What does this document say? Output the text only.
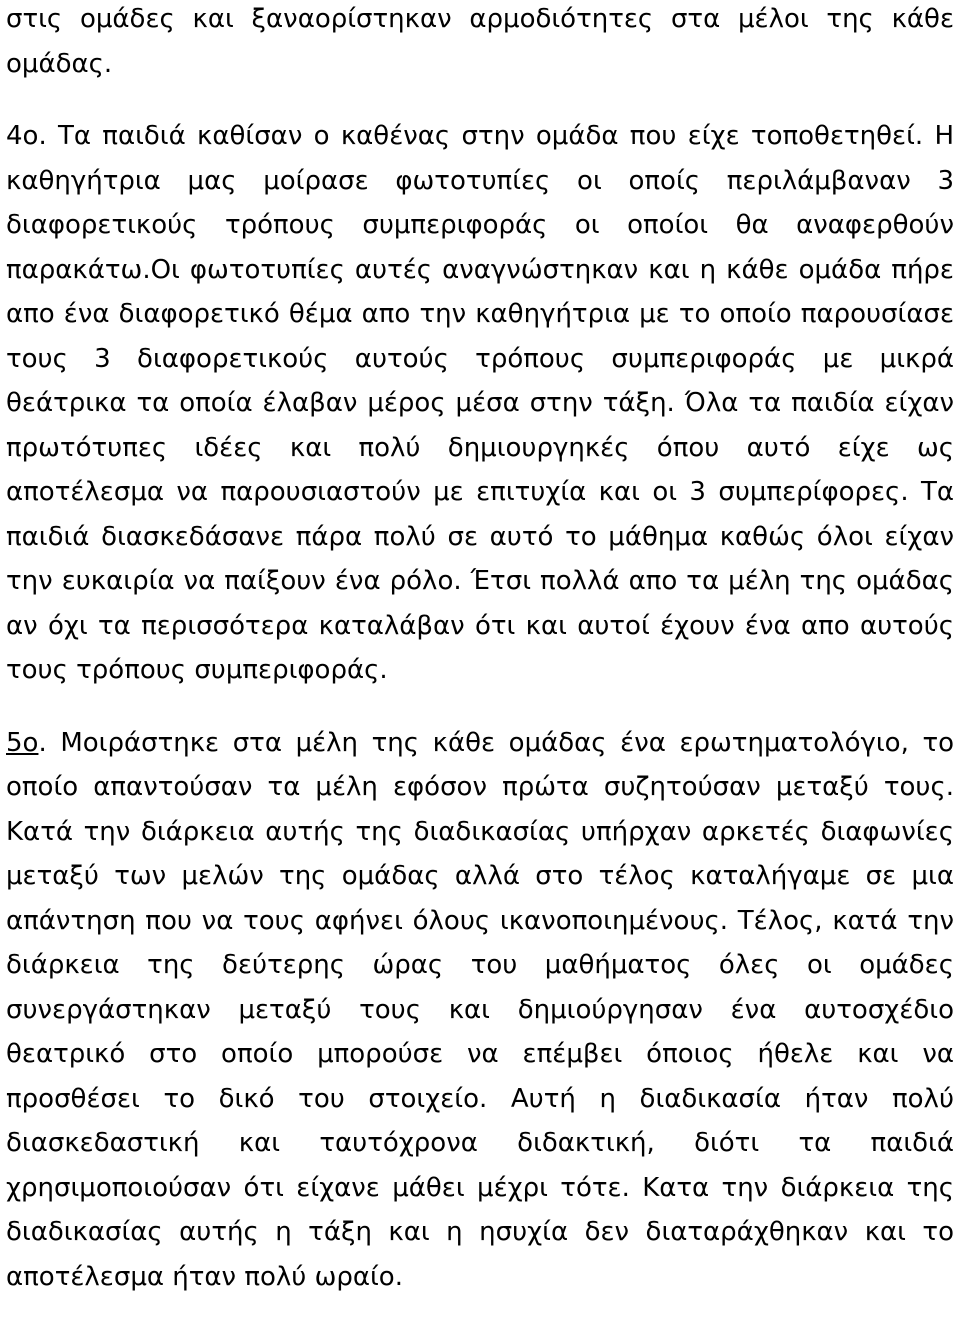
στις ομάδες και ξαναορίστηκαν αρμοδιότητες στα μέλοι της κάθε ομάδας.

4ο. Τα παιδιά καθίσαν ο καθένας στην ομάδα που είχε τοποθετηθεί. Η καθηγήτρια μας μοίρασε φωτοτυπίες οι οποίς περιλάμβαναν 3 διαφορετικούς τρόπους συμπεριφοράς οι οποίοι θα αναφερθούν παρακάτω.Οι φωτοτυπίες αυτές αναγνώστηκαν και η κάθε ομάδα πήρε απο ένα διαφορετικό θέμα απο την καθηγήτρια με το οποίο παρουσίασε τους 3 διαφορετικούς αυτούς τρόπους συμπεριφοράς με μικρά θεάτρικα τα οποία έλαβαν μέρος μέσα στην τάξη. Όλα τα παιδία είχαν πρωτότυπες ιδέες και πολύ δημιουργηκές όπου αυτό είχε ως αποτέλεσμα να παρουσιαστούν με επιτυχία και οι 3 συμπερίφορες. Τα παιδιά διασκεδάσανε πάρα πολύ σε αυτό το μάθημα καθώς όλοι είχαν την ευκαιρία να παίξουν ένα ρόλο. Έτσι πολλά απο τα μέλη της ομάδας αν όχι τα περισσότερα καταλάβαν ότι και αυτοί έχουν ένα απο αυτούς τους τρόπους συμπεριφοράς.

5ο. Μοιράστηκε στα μέλη της κάθε ομάδας ένα ερωτηματολόγιο, το οποίο απαντούσαν τα μέλη εφόσον πρώτα συζητούσαν μεταξύ τους. Κατά την διάρκεια αυτής της διαδικασίας υπήρχαν αρκετές διαφωνίες μεταξύ των μελών της ομάδας αλλά στο τέλος καταλήγαμε σε μια απάντηση που να τους αφήνει όλους ικανοποιημένους. Τέλος, κατά την διάρκεια της δεύτερης ώρας του μαθήματος όλες οι ομάδες συνεργάστηκαν μεταξύ τους και δημιούργησαν ένα αυτοσχέδιο θεατρικό στο οποίο μπορούσε να επέμβει όποιος ήθελε και να προσθέσει το δικό του στοιχείο. Αυτή η διαδικασία ήταν πολύ διασκεδαστική και ταυτόχρονα διδακτική, διότι τα παιδιά χρησιμοποιούσαν ότι είχανε μάθει μέχρι τότε. Κατα την διάρκεια της διαδικασίας αυτής η τάξη και η ησυχία δεν διαταράχθηκαν και το αποτέλεσμα ήταν πολύ ωραίο.
